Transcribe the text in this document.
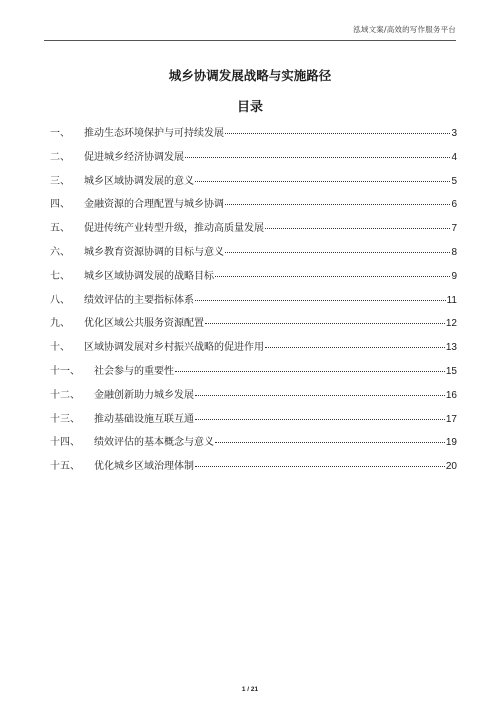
泓域文案/高效的写作服务平台
城乡协调发展战略与实施路径
目录
一、 推动生态环境保护与可持续发展	3
二、 促进城乡经济协调发展	4
三、 城乡区域协调发展的意义	5
四、 金融资源的合理配置与城乡协调	6
五、 促进传统产业转型升级，推动高质量发展	7
六、 城乡教育资源协调的目标与意义	8
七、 城乡区域协调发展的战略目标	9
八、 绩效评估的主要指标体系	11
九、 优化区域公共服务资源配置	12
十、 区域协调发展对乡村振兴战略的促进作用	13
十一、 社会参与的重要性	15
十二、 金融创新助力城乡发展	16
十三、 推动基础设施互联互通	17
十四、 绩效评估的基本概念与意义	19
十五、 优化城乡区域治理体制	20
1 / 21
